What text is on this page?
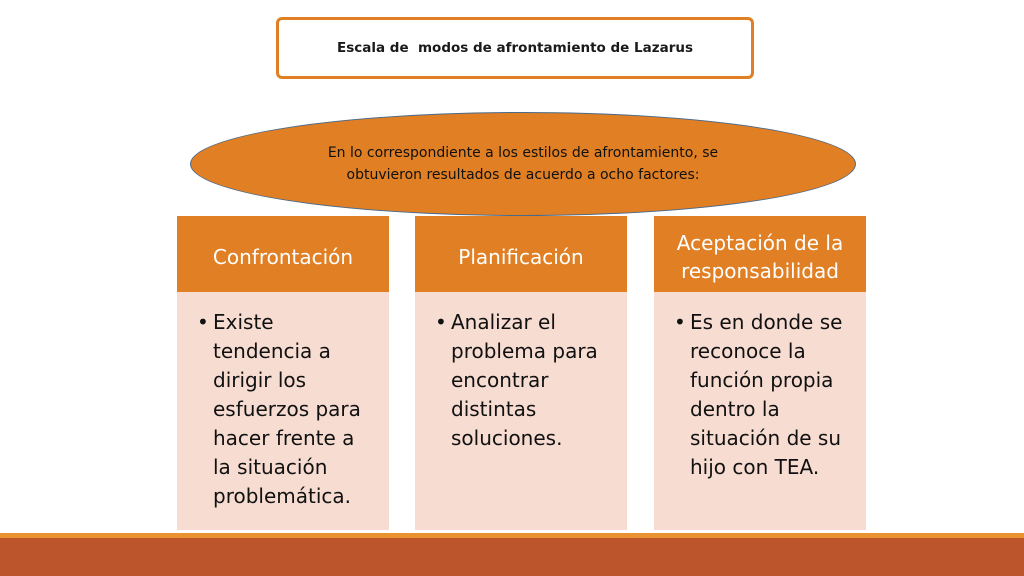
Escala de  modos de afrontamiento de Lazarus
En lo correspondiente a los estilos de afrontamiento, se obtuvieron resultados de acuerdo a ocho factores:
Confrontación
• Existe tendencia a dirigir los esfuerzos para hacer frente a la situación problemática.
Planificación
• Analizar el problema para encontrar distintas soluciones.
Aceptación de la responsabilidad
• Es en donde se reconoce la función propia dentro la situación de su hijo con TEA.
